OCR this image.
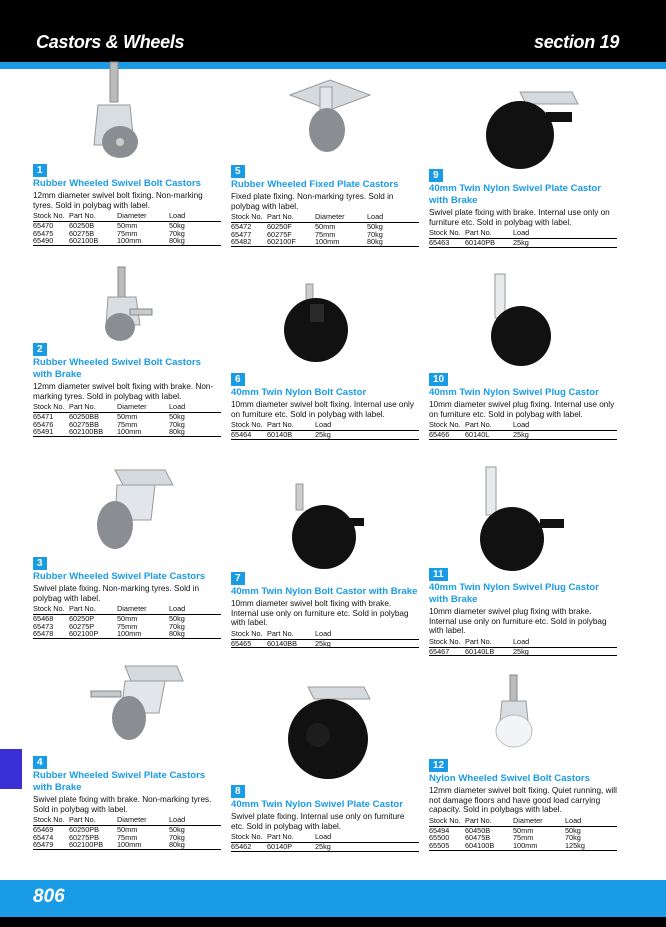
Castors & Wheels	section 19
806
1
Rubber Wheeled Swivel Bolt Castors
12mm diameter swivel bolt fixing. Non-marking tyres. Sold in polybag with label.
Stock No.	Part No.	Diameter	Load
65470	60250B	50mm	50kg
65475	60275B	75mm	70kg
65490	602100B	100mm	80kg
2
Rubber Wheeled Swivel Bolt Castors with Brake
12mm diameter swivel bolt fixing with brake. Non-marking tyres. Sold in polybag with label.
Stock No.	Part No.	Diameter	Load
65471	60250BB	50mm	50kg
65476	60275BB	75mm	70kg
65491	602100BB	100mm	80kg
3
Rubber Wheeled Swivel Plate Castors
Swivel plate fixing. Non-marking tyres. Sold in polybag with label.
Stock No.	Part No.	Diameter	Load
65468	60250P	50mm	50kg
65473	60275P	75mm	70kg
65478	602100P	100mm	80kg
4
Rubber Wheeled Swivel Plate Castors with Brake
Swivel plate fixing with brake. Non-marking tyres. Sold in polybag with label.
Stock No.	Part No.	Diameter	Load
65469	60250PB	50mm	50kg
65474	60275PB	75mm	70kg
65479	602100PB	100mm	80kg
5
Rubber Wheeled Fixed Plate Castors
Fixed plate fixing. Non-marking tyres. Sold in polybag with label.
Stock No.	Part No.	Diameter	Load
65472	60250F	50mm	50kg
65477	60275F	75mm	70kg
65482	602100F	100mm	80kg
6
40mm Twin Nylon Bolt Castor
10mm diameter swivel bolt fixing. Internal use only on furniture etc. Sold in polybag with label.
Stock No.	Part No.	Load
65464	60140B	25kg
7
40mm Twin Nylon Bolt Castor with Brake
10mm diameter swivel bolt fixing with brake. Internal use only on furniture etc. Sold in polybag with label.
Stock No.	Part No.	Load
65465	60140BB	25kg
8
40mm Twin Nylon Swivel Plate Castor
Swivel plate fixing. Internal use only on furniture etc. Sold in polybag with label.
Stock No.	Part No.	Load
65462	60140P	25kg
9
40mm Twin Nylon Swivel Plate Castor with Brake
Swivel plate fixing with brake. Internal use only on furniture etc. Sold in polybag with label.
Stock No.	Part No.	Load
65463	60140PB	25kg
10
40mm Twin Nylon Swivel Plug Castor
10mm diameter swivel plug fixing. Internal use only on furniture etc. Sold in polybag with label.
Stock No.	Part No.	Load
65466	60140L	25kg
11
40mm Twin Nylon Swivel Plug Castor with Brake
10mm diameter swivel plug fixing with brake. Internal use only on furniture etc. Sold in polybag with label.
Stock No.	Part No.	Load
65467	60140LB	25kg
12
Nylon Wheeled Swivel Bolt Castors
12mm diameter swivel bolt fixing. Quiet running, will not damage floors and have good load carrying capacity. Sold in polybags with label.
Stock No.	Part No.	Diameter	Load
65494	60450B	50mm	50kg
65500	60475B	75mm	70kg
65505	604100B	100mm	125kg
